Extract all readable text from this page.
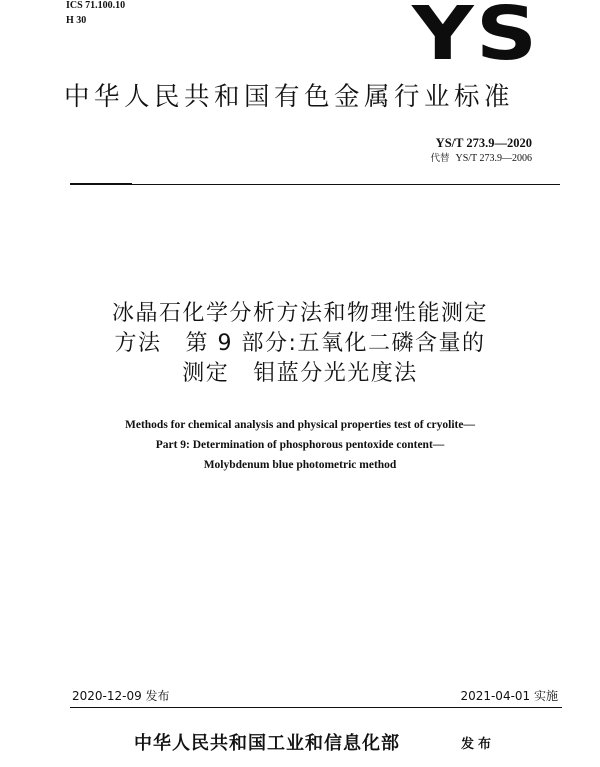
ICS 71.100.10
H 30	YS
中华人民共和国有色金属行业标准
YS/T 273.9—2020
代替 YS/T 273.9—2006
冰晶石化学分析方法和物理性能测定
方法 第 9 部分:五氧化二磷含量的
测定 钼蓝分光光度法
Methods for chemical analysis and physical properties test of cryolite—
Part 9: Determination of phosphorous pentoxide content—
Molybdenum blue photometric method
2020-12-09 发布	2021-04-01 实施
中华人民共和国工业和信息化部	发布
